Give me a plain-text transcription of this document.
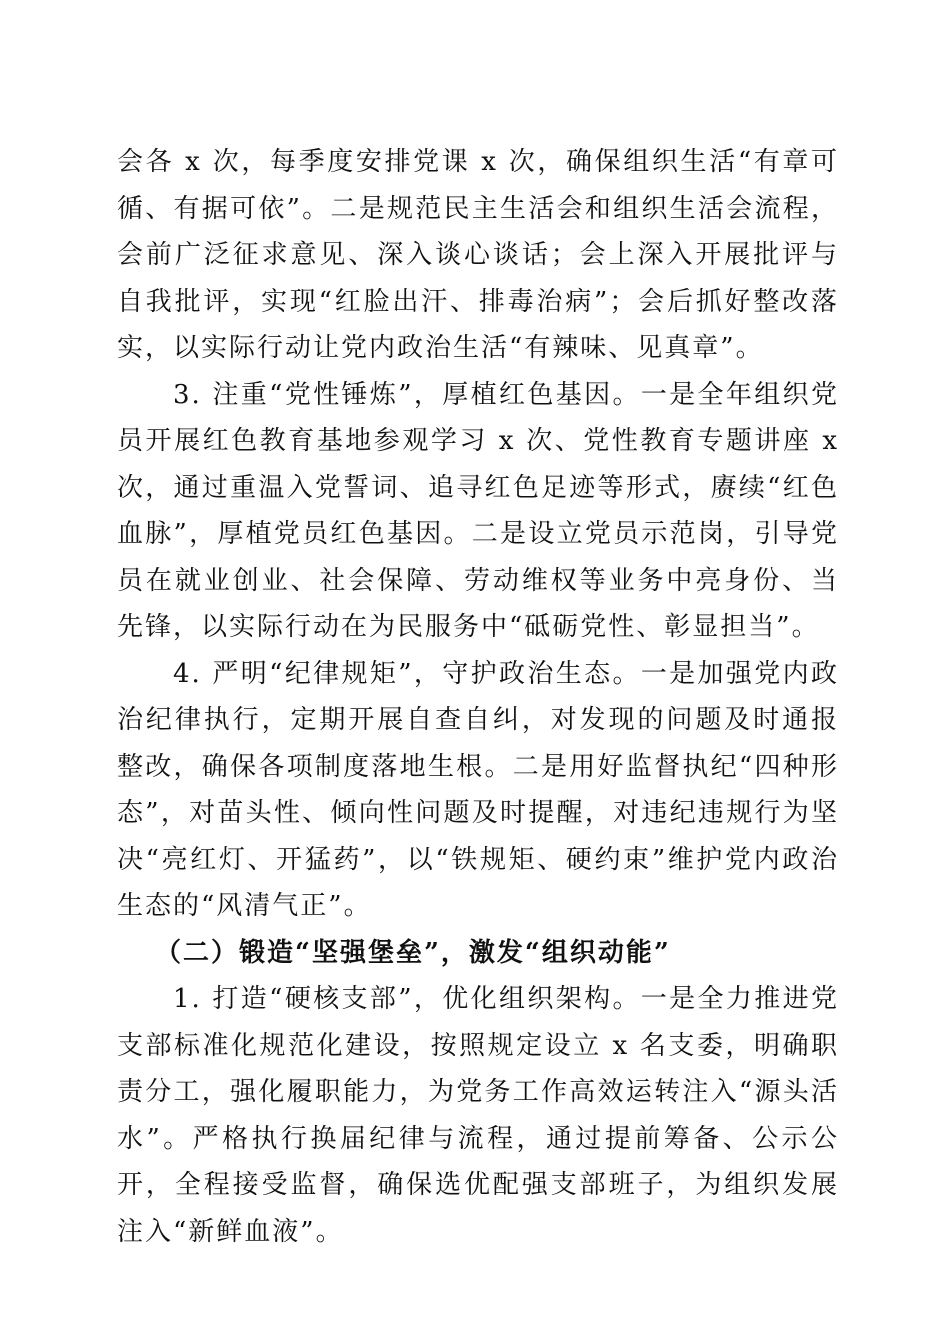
会各 x 次，每季度安排党课 x 次，确保组织生活“有章可循、有据可依”。二是规范民主生活会和组织生活会流程，会前广泛征求意见、深入谈心谈话；会上深入开展批评与自我批评，实现“红脸出汗、排毒治病”；会后抓好整改落实，以实际行动让党内政治生活“有辣味、见真章”。

3. 注重“党性锤炼”，厚植红色基因。一是全年组织党员开展红色教育基地参观学习 x 次、党性教育专题讲座 x 次，通过重温入党誓词、追寻红色足迹等形式，赓续“红色血脉”，厚植党员红色基因。二是设立党员示范岗，引导党员在就业创业、社会保障、劳动维权等业务中亮身份、当先锋，以实际行动在为民服务中“砥砺党性、彰显担当”。

4. 严明“纪律规矩”，守护政治生态。一是加强党内政治纪律执行，定期开展自查自纠，对发现的问题及时通报整改，确保各项制度落地生根。二是用好监督执纪“四种形态”，对苗头性、倾向性问题及时提醒，对违纪违规行为坚决“亮红灯、开猛药”，以“铁规矩、硬约束”维护党内政治生态的“风清气正”。

（二）锻造“坚强堡垒”，激发“组织动能”

1. 打造“硬核支部”，优化组织架构。一是全力推进党支部标准化规范化建设，按照规定设立 x 名支委，明确职责分工，强化履职能力，为党务工作高效运转注入“源头活水”。严格执行换届纪律与流程，通过提前筹备、公示公开，全程接受监督，确保选优配强支部班子，为组织发展注入“新鲜血液”。
